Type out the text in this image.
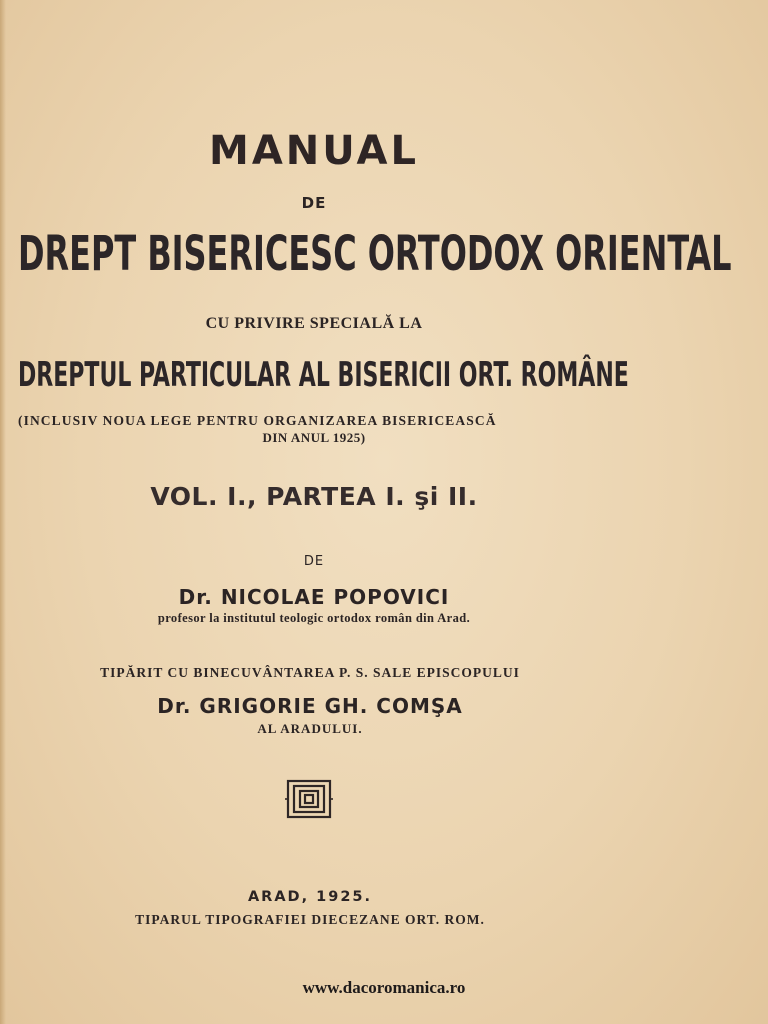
MANUAL
DE
DREPT BISERICESC ORTODOX ORIENTAL
CU PRIVIRE SPECIALĂ LA
DREPTUL PARTICULAR AL BISERICII ORT. ROMÂNE
(INCLUSIV NOUA LEGE PENTRU ORGANIZAREA BISERICEASCĂ
DIN ANUL 1925)
VOL. I., PARTEA I. şi II.
DE
Dr. NICOLAE POPOVICI
profesor la institutul teologic ortodox român din Arad.
TIPĂRIT CU BINECUVÂNTAREA P. S. SALE EPISCOPULUI
Dr. GRIGORIE GH. COMŞA
AL ARADULUI.
ARAD, 1925.
TIPARUL TIPOGRAFIEI DIECEZANE ORT. ROM.
www.dacoromanica.ro
